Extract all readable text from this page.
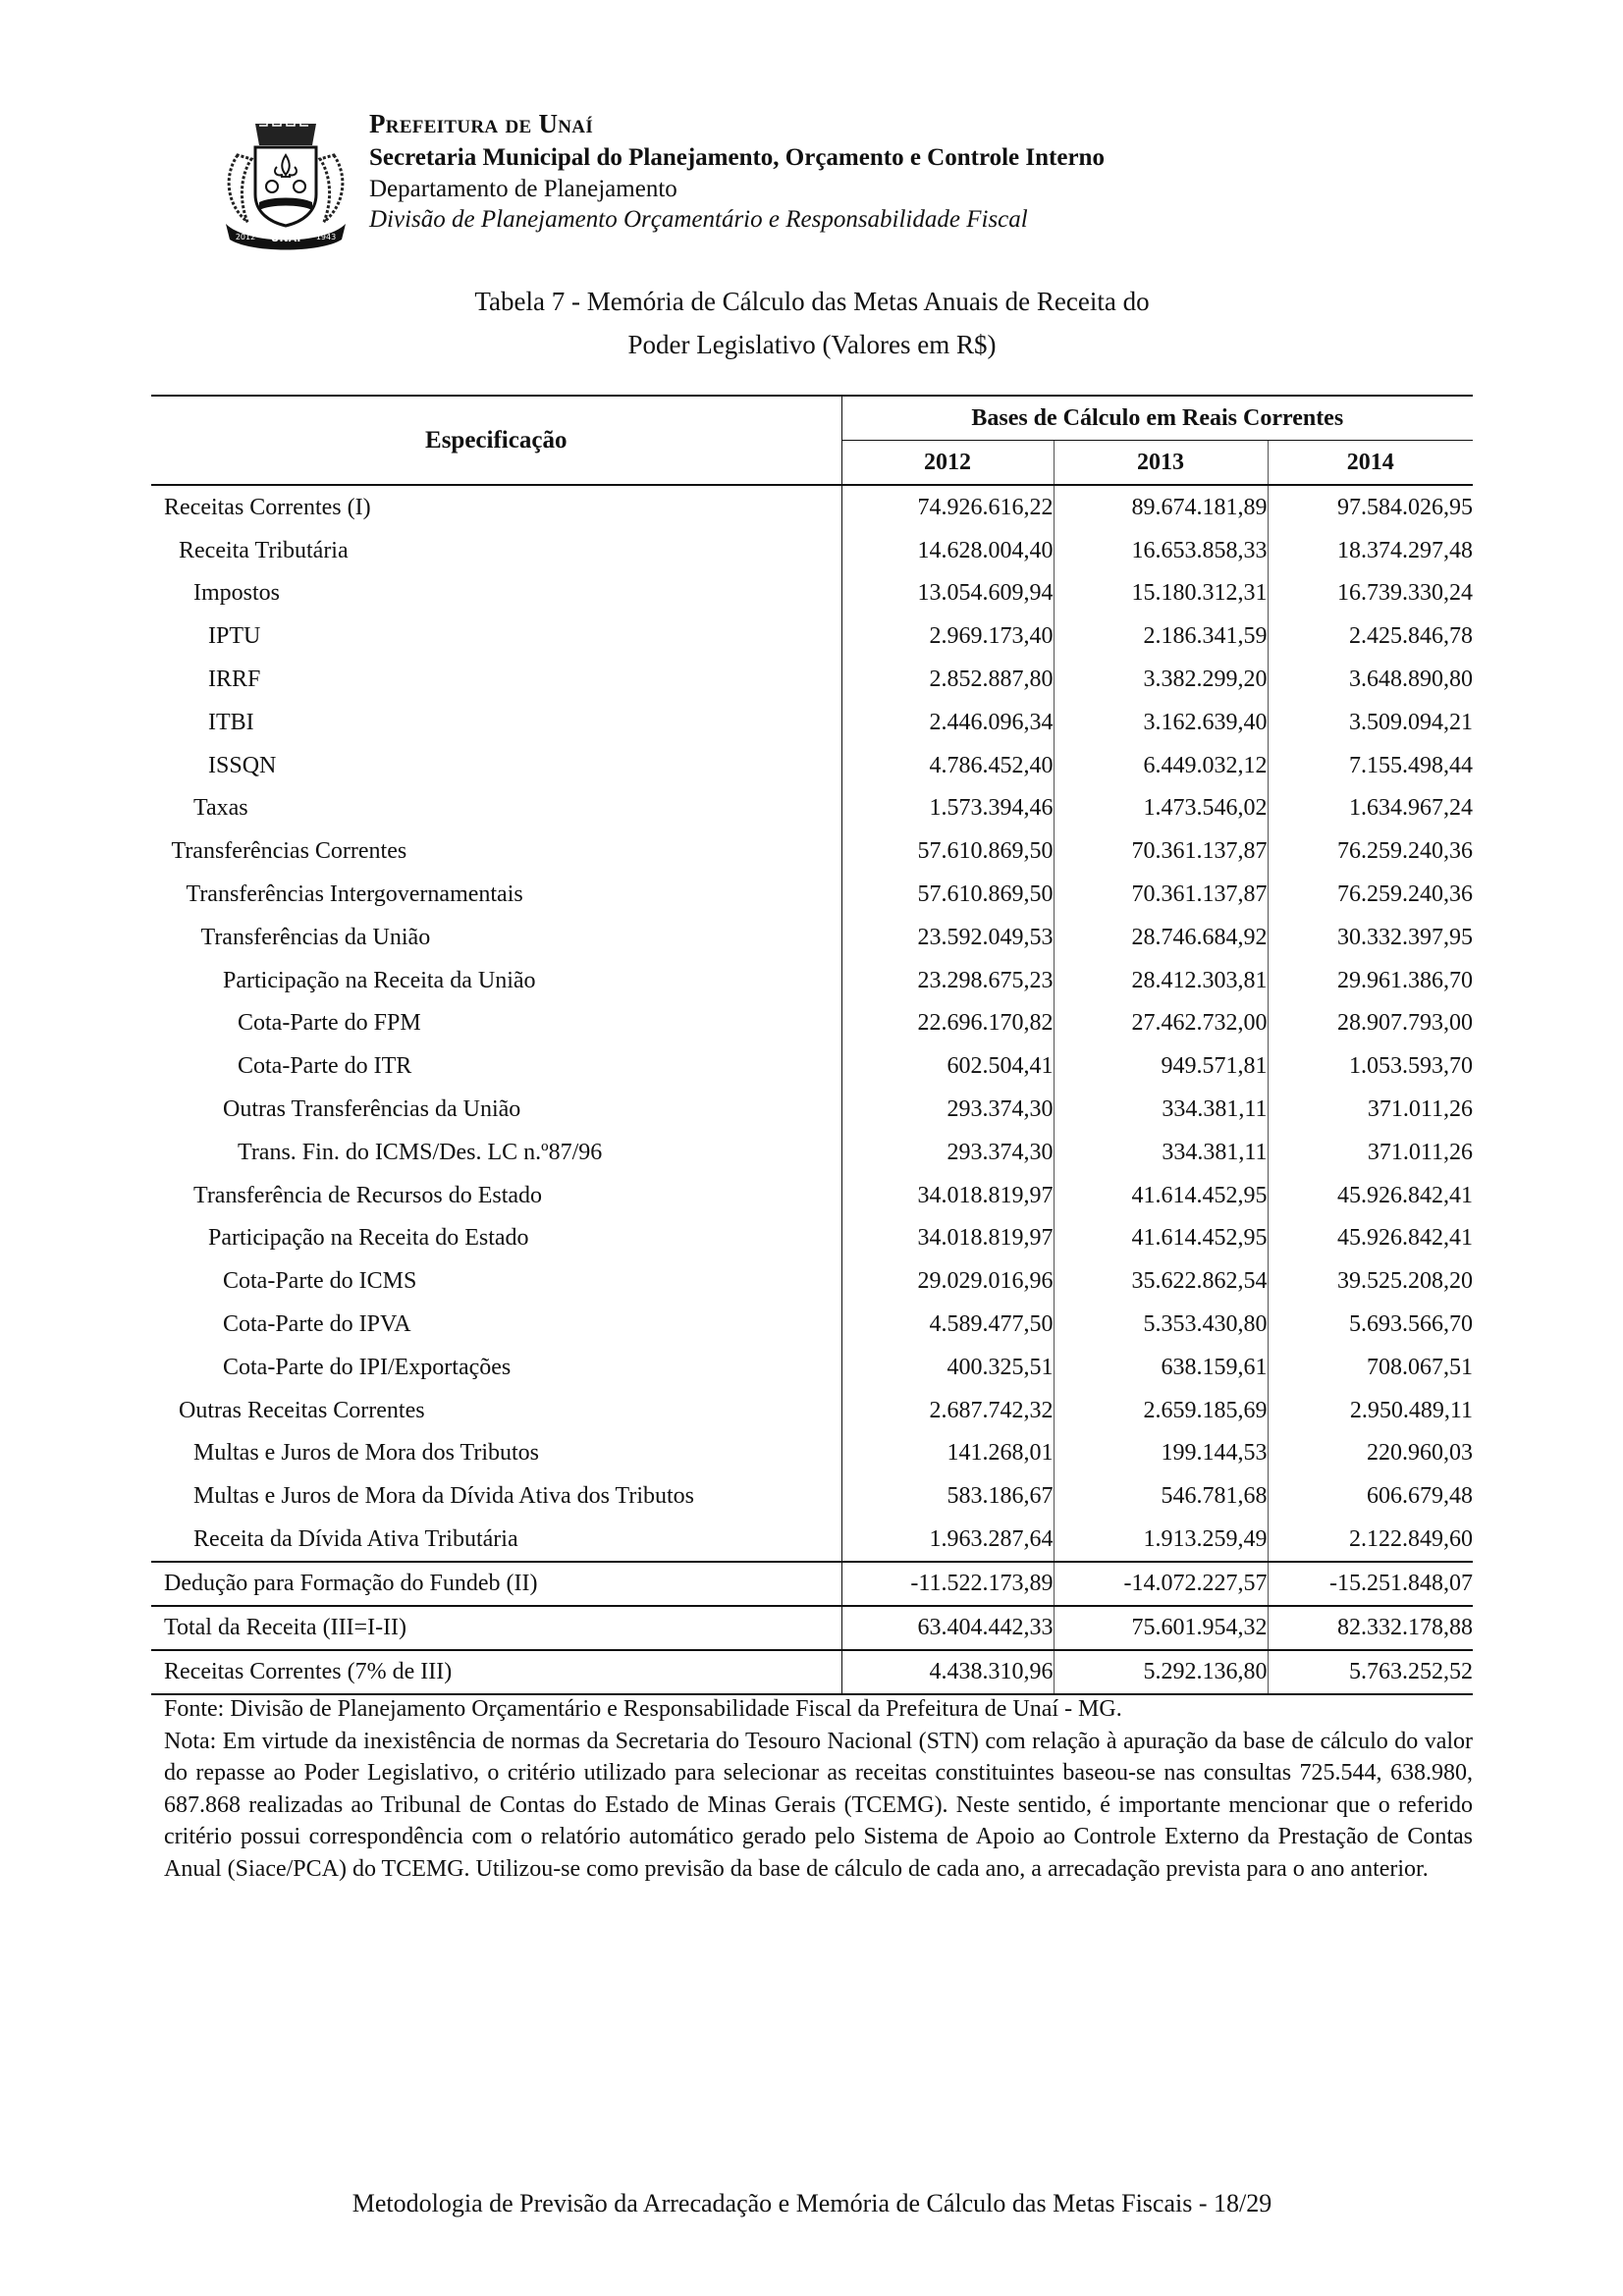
UNAÍ
2012	1943
Prefeitura de Unaí
Secretaria Municipal do Planejamento, Orçamento e Controle Interno
Departamento de Planejamento
Divisão de Planejamento Orçamentário e Responsabilidade Fiscal
Tabela 7 - Memória de Cálculo das Metas Anuais de Receita do
Poder Legislativo (Valores em R$)
Especificação	Bases de Cálculo em Reais Correntes		
	2012	2013	2014
Receitas Correntes (I)	74.926.616,22	89.674.181,89	97.584.026,95
Receita Tributária	14.628.004,40	16.653.858,33	18.374.297,48
Impostos	13.054.609,94	15.180.312,31	16.739.330,24
IPTU	2.969.173,40	2.186.341,59	2.425.846,78
IRRF	2.852.887,80	3.382.299,20	3.648.890,80
ITBI	2.446.096,34	3.162.639,40	3.509.094,21
ISSQN	4.786.452,40	6.449.032,12	7.155.498,44
Taxas	1.573.394,46	1.473.546,02	1.634.967,24
Transferências Correntes	57.610.869,50	70.361.137,87	76.259.240,36
Transferências Intergovernamentais	57.610.869,50	70.361.137,87	76.259.240,36
Transferências da União	23.592.049,53	28.746.684,92	30.332.397,95
Participação na Receita da União	23.298.675,23	28.412.303,81	29.961.386,70
Cota-Parte do FPM	22.696.170,82	27.462.732,00	28.907.793,00
Cota-Parte do ITR	602.504,41	949.571,81	1.053.593,70
Outras Transferências da União	293.374,30	334.381,11	371.011,26
Trans. Fin. do ICMS/Des. LC n.º87/96	293.374,30	334.381,11	371.011,26
Transferência de Recursos do Estado	34.018.819,97	41.614.452,95	45.926.842,41
Participação na Receita do Estado	34.018.819,97	41.614.452,95	45.926.842,41
Cota-Parte do ICMS	29.029.016,96	35.622.862,54	39.525.208,20
Cota-Parte do IPVA	4.589.477,50	5.353.430,80	5.693.566,70
Cota-Parte do IPI/Exportações	400.325,51	638.159,61	708.067,51
Outras Receitas Correntes	2.687.742,32	2.659.185,69	2.950.489,11
Multas e Juros de Mora dos Tributos	141.268,01	199.144,53	220.960,03
Multas e Juros de Mora da Dívida Ativa dos Tributos	583.186,67	546.781,68	606.679,48
Receita da Dívida Ativa Tributária	1.963.287,64	1.913.259,49	2.122.849,60
Dedução para Formação do Fundeb (II)	-11.522.173,89	-14.072.227,57	-15.251.848,07
Total da Receita (III=I-II)	63.404.442,33	75.601.954,32	82.332.178,88
Receitas Correntes (7% de III)	4.438.310,96	5.292.136,80	5.763.252,52

Fonte: Divisão de Planejamento Orçamentário e Responsabilidade Fiscal da Prefeitura de Unaí - MG.

Nota: Em virtude da inexistência de normas da Secretaria do Tesouro Nacional (STN) com relação à apuração da base de cálculo do valor do repasse ao Poder Legislativo, o critério utilizado para selecionar as receitas constituintes baseou-se nas consultas 725.544, 638.980, 687.868 realizadas ao Tribunal de Contas do Estado de Minas Gerais (TCEMG). Neste sentido, é importante mencionar que o referido critério possui correspondência com o relatório automático gerado pelo Sistema de Apoio ao Controle Externo da Prestação de Contas Anual (Siace/PCA) do TCEMG. Utilizou-se como previsão da base de cálculo de cada ano, a arrecadação prevista para o ano anterior.

Metodologia de Previsão da Arrecadação e Memória de Cálculo das Metas Fiscais - 18/29
